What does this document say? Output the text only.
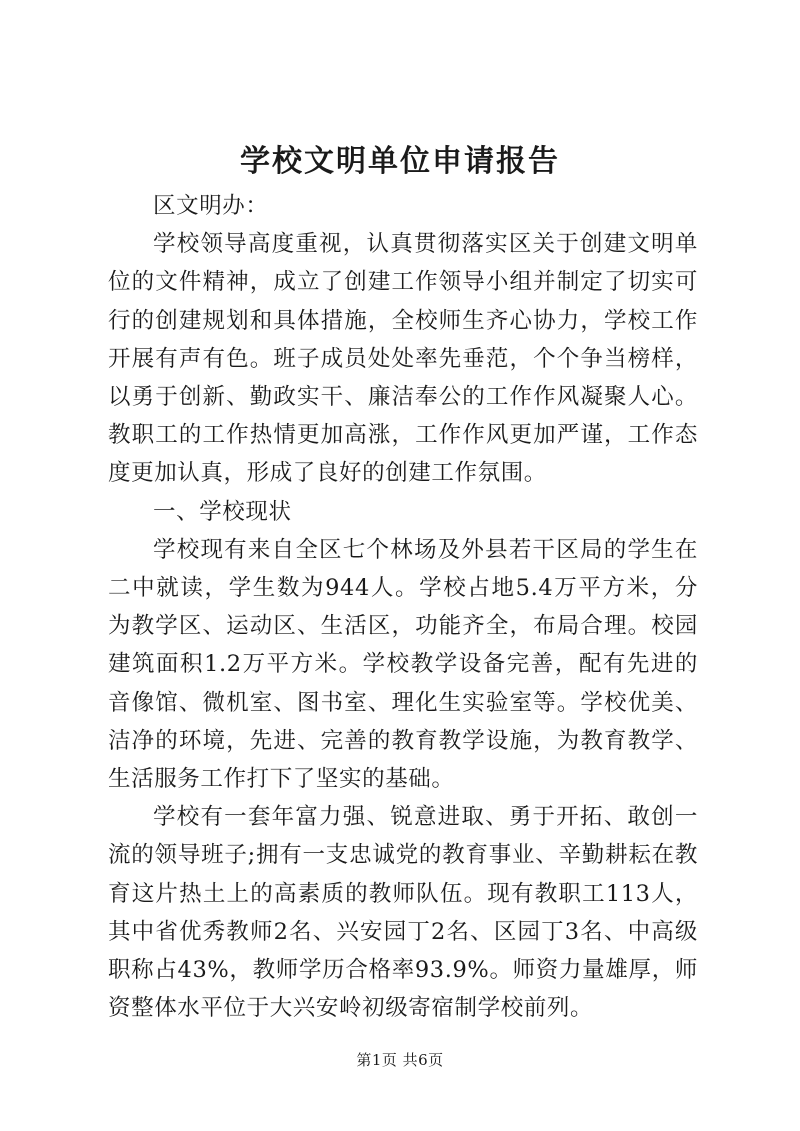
学校文明单位申请报告

区文明办：

学校领导高度重视，认真贯彻落实区关于创建文明单位的文件精神，成立了创建工作领导小组并制定了切实可行的创建规划和具体措施，全校师生齐心协力，学校工作开展有声有色。班子成员处处率先垂范，个个争当榜样，以勇于创新、勤政实干、廉洁奉公的工作作风凝聚人心。教职工的工作热情更加高涨，工作作风更加严谨，工作态度更加认真，形成了良好的创建工作氛围。

一、学校现状

学校现有来自全区七个林场及外县若干区局的学生在二中就读，学生数为944人。学校占地5.4万平方米，分为教学区、运动区、生活区，功能齐全，布局合理。校园建筑面积1.2万平方米。学校教学设备完善，配有先进的音像馆、微机室、图书室、理化生实验室等。学校优美、洁净的环境，先进、完善的教育教学设施，为教育教学、生活服务工作打下了坚实的基础。

学校有一套年富力强、锐意进取、勇于开拓、敢创一流的领导班子;拥有一支忠诚党的教育事业、辛勤耕耘在教育这片热土上的高素质的教师队伍。现有教职工113人，其中省优秀教师2名、兴安园丁2名、区园丁3名、中高级职称占43%，教师学历合格率93.9%。师资力量雄厚，师资整体水平位于大兴安岭初级寄宿制学校前列。

第1页 共6页
